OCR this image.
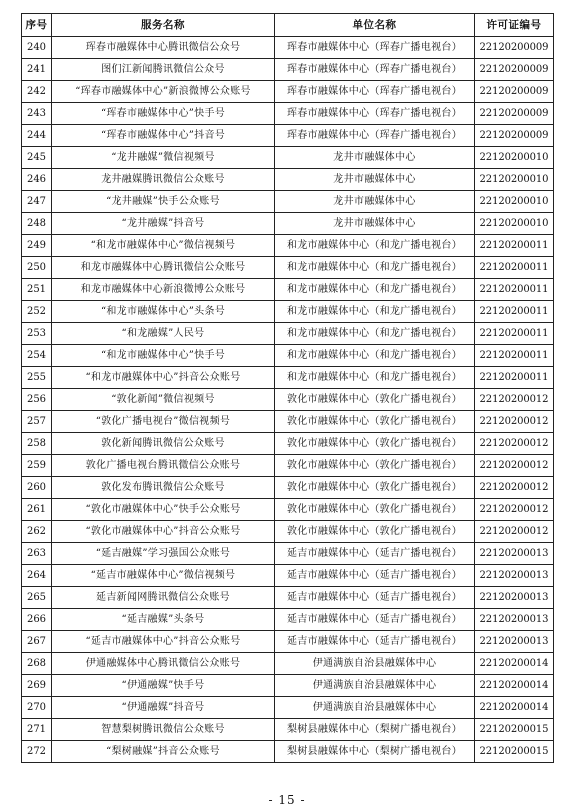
序号	服务名称	单位名称	许可证编号
240	珲春市融媒体中心腾讯微信公众号	珲春市融媒体中心（珲春广播电视台）	22120200009
241	图们江新闻腾讯微信公众号	珲春市融媒体中心（珲春广播电视台）	22120200009
242	“珲春市融媒体中心”新浪微博公众账号	珲春市融媒体中心（珲春广播电视台）	22120200009
243	“珲春市融媒体中心”快手号	珲春市融媒体中心（珲春广播电视台）	22120200009
244	“珲春市融媒体中心”抖音号	珲春市融媒体中心（珲春广播电视台）	22120200009
245	“龙井融媒”微信视频号	龙井市融媒体中心	22120200010
246	龙井融媒腾讯微信公众账号	龙井市融媒体中心	22120200010
247	“龙井融媒”快手公众账号	龙井市融媒体中心	22120200010
248	“龙井融媒”抖音号	龙井市融媒体中心	22120200010
249	“和龙市融媒体中心”微信视频号	和龙市融媒体中心（和龙广播电视台）	22120200011
250	和龙市融媒体中心腾讯微信公众账号	和龙市融媒体中心（和龙广播电视台）	22120200011
251	和龙市融媒体中心新浪微博公众账号	和龙市融媒体中心（和龙广播电视台）	22120200011
252	“和龙市融媒体中心”头条号	和龙市融媒体中心（和龙广播电视台）	22120200011
253	“和龙融媒”人民号	和龙市融媒体中心（和龙广播电视台）	22120200011
254	“和龙市融媒体中心”快手号	和龙市融媒体中心（和龙广播电视台）	22120200011
255	“和龙市融媒体中心”抖音公众账号	和龙市融媒体中心（和龙广播电视台）	22120200011
256	“敦化新闻”微信视频号	敦化市融媒体中心（敦化广播电视台）	22120200012
257	“敦化广播电视台”微信视频号	敦化市融媒体中心（敦化广播电视台）	22120200012
258	敦化新闻腾讯微信公众账号	敦化市融媒体中心（敦化广播电视台）	22120200012
259	敦化广播电视台腾讯微信公众账号	敦化市融媒体中心（敦化广播电视台）	22120200012
260	敦化发布腾讯微信公众账号	敦化市融媒体中心（敦化广播电视台）	22120200012
261	“敦化市融媒体中心”快手公众账号	敦化市融媒体中心（敦化广播电视台）	22120200012
262	“敦化市融媒体中心”抖音公众账号	敦化市融媒体中心（敦化广播电视台）	22120200012
263	“延吉融媒”学习强国公众账号	延吉市融媒体中心（延吉广播电视台）	22120200013
264	“延吉市融媒体中心”微信视频号	延吉市融媒体中心（延吉广播电视台）	22120200013
265	延吉新闻网腾讯微信公众账号	延吉市融媒体中心（延吉广播电视台）	22120200013
266	“延吉融媒”头条号	延吉市融媒体中心（延吉广播电视台）	22120200013
267	“延吉市融媒体中心”抖音公众账号	延吉市融媒体中心（延吉广播电视台）	22120200013
268	伊通融媒体中心腾讯微信公众账号	伊通满族自治县融媒体中心	22120200014
269	“伊通融媒”快手号	伊通满族自治县融媒体中心	22120200014
270	“伊通融媒”抖音号	伊通满族自治县融媒体中心	22120200014
271	智慧梨树腾讯微信公众账号	梨树县融媒体中心（梨树广播电视台）	22120200015
272	“梨树融媒”抖音公众账号	梨树县融媒体中心（梨树广播电视台）	22120200015
- 15 -
